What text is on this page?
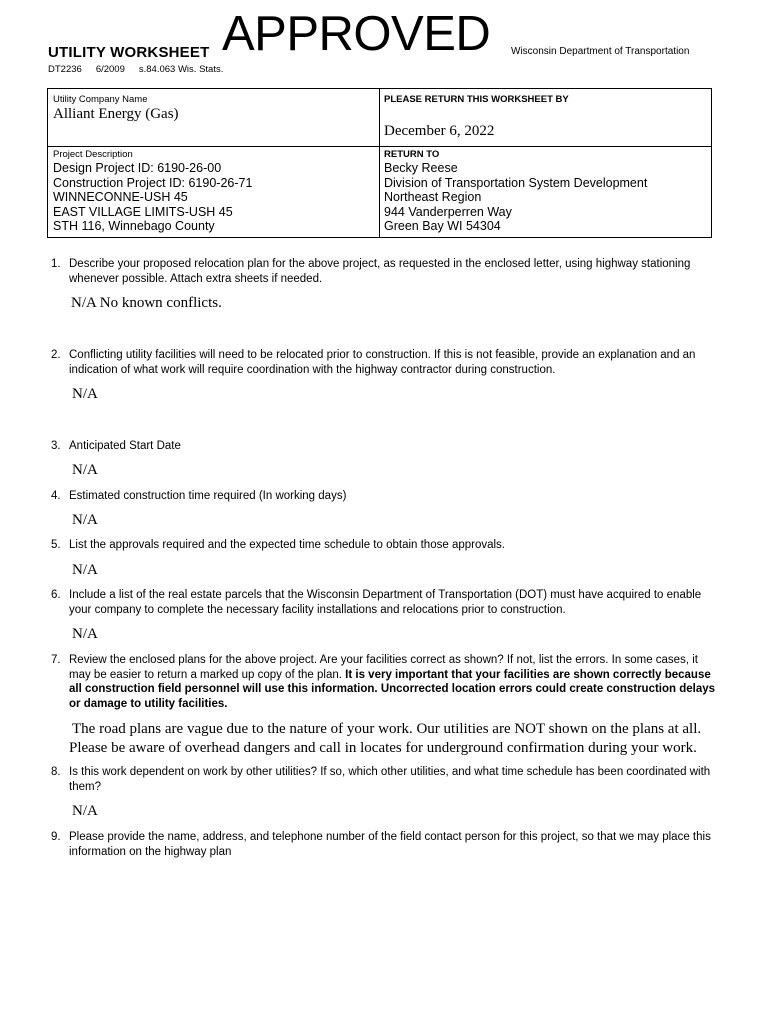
UTILITY WORKSHEET APPROVED Wisconsin Department of Transportation
DT2236 6/2009 s.84.063 Wis. Stats.
Utility Company Name
Alliant Energy (Gas)
PLEASE RETURN THIS WORKSHEET BY
December 6, 2022
Project Description
Design Project ID: 6190-26-00
Construction Project ID: 6190-26-71
WINNECONNE-USH 45
EAST VILLAGE LIMITS-USH 45
STH 116, Winnebago County
RETURN TO
Becky Reese
Division of Transportation System Development
Northeast Region
944 Vanderperren Way
Green Bay WI 54304
1. Describe your proposed relocation plan for the above project, as requested in the enclosed letter, using highway stationing whenever possible. Attach extra sheets if needed.
N/A No known conflicts.
2. Conflicting utility facilities will need to be relocated prior to construction. If this is not feasible, provide an explanation and an indication of what work will require coordination with the highway contractor during construction.
N/A
3. Anticipated Start Date
N/A
4. Estimated construction time required (In working days)
N/A
5. List the approvals required and the expected time schedule to obtain those approvals.
N/A
6. Include a list of the real estate parcels that the Wisconsin Department of Transportation (DOT) must have acquired to enable your company to complete the necessary facility installations and relocations prior to construction.
N/A
7. Review the enclosed plans for the above project. Are your facilities correct as shown? If not, list the errors. In some cases, it may be easier to return a marked up copy of the plan. It is very important that your facilities are shown correctly because all construction field personnel will use this information. Uncorrected location errors could create construction delays or damage to utility facilities.
The road plans are vague due to the nature of your work. Our utilities are NOT shown on the plans at all.
Please be aware of overhead dangers and call in locates for underground confirmation during your work.
8. Is this work dependent on work by other utilities? If so, which other utilities, and what time schedule has been coordinated with them?
N/A
9. Please provide the name, address, and telephone number of the field contact person for this project, so that we may place this information on the highway plan
